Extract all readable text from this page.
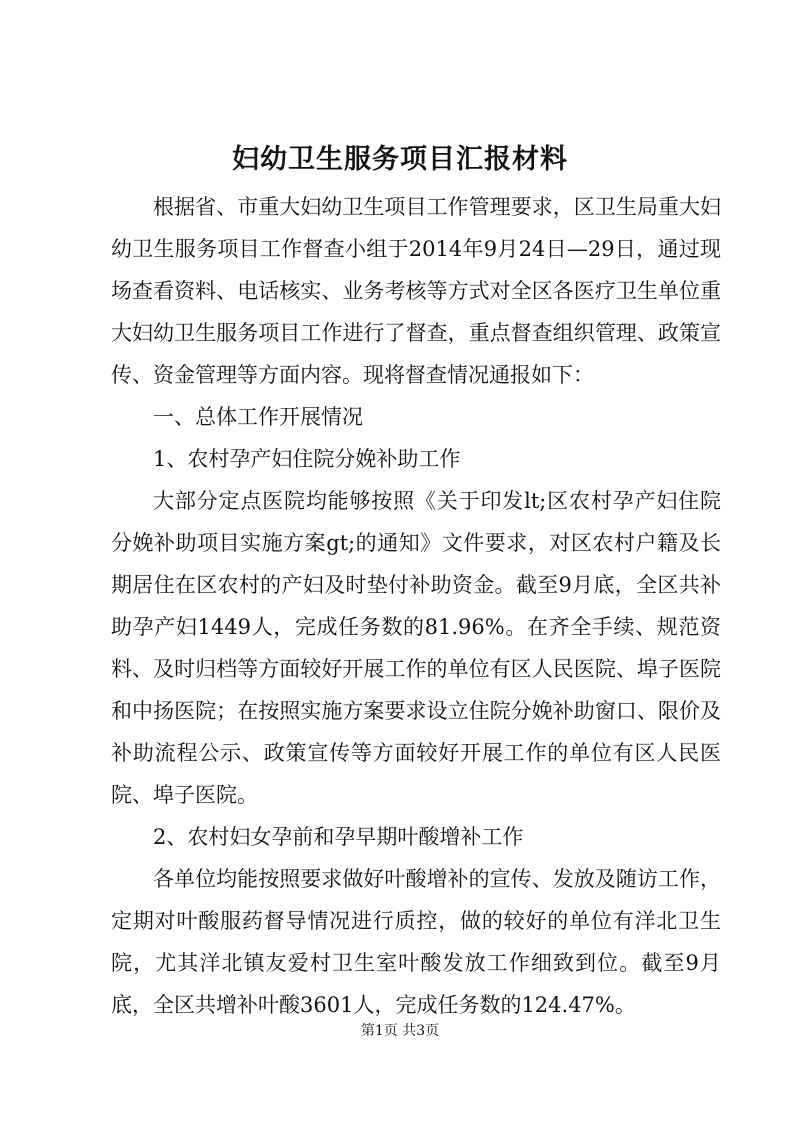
妇幼卫生服务项目汇报材料

根据省、市重大妇幼卫生项目工作管理要求，区卫生局重大妇幼卫生服务项目工作督查小组于2014年9月24日—29日，通过现场查看资料、电话核实、业务考核等方式对全区各医疗卫生单位重大妇幼卫生服务项目工作进行了督查，重点督查组织管理、政策宣传、资金管理等方面内容。现将督查情况通报如下：

一、总体工作开展情况

1、农村孕产妇住院分娩补助工作

大部分定点医院均能够按照《关于印发lt;区农村孕产妇住院分娩补助项目实施方案gt;的通知》文件要求，对区农村户籍及长期居住在区农村的产妇及时垫付补助资金。截至9月底，全区共补助孕产妇1449人，完成任务数的81.96%。在齐全手续、规范资料、及时归档等方面较好开展工作的单位有区人民医院、埠子医院和中扬医院；在按照实施方案要求设立住院分娩补助窗口、限价及补助流程公示、政策宣传等方面较好开展工作的单位有区人民医院、埠子医院。

2、农村妇女孕前和孕早期叶酸增补工作

各单位均能按照要求做好叶酸增补的宣传、发放及随访工作，定期对叶酸服药督导情况进行质控，做的较好的单位有洋北卫生院，尤其洋北镇友爱村卫生室叶酸发放工作细致到位。截至9月底，全区共增补叶酸3601人，完成任务数的124.47%。

第1页 共3页
